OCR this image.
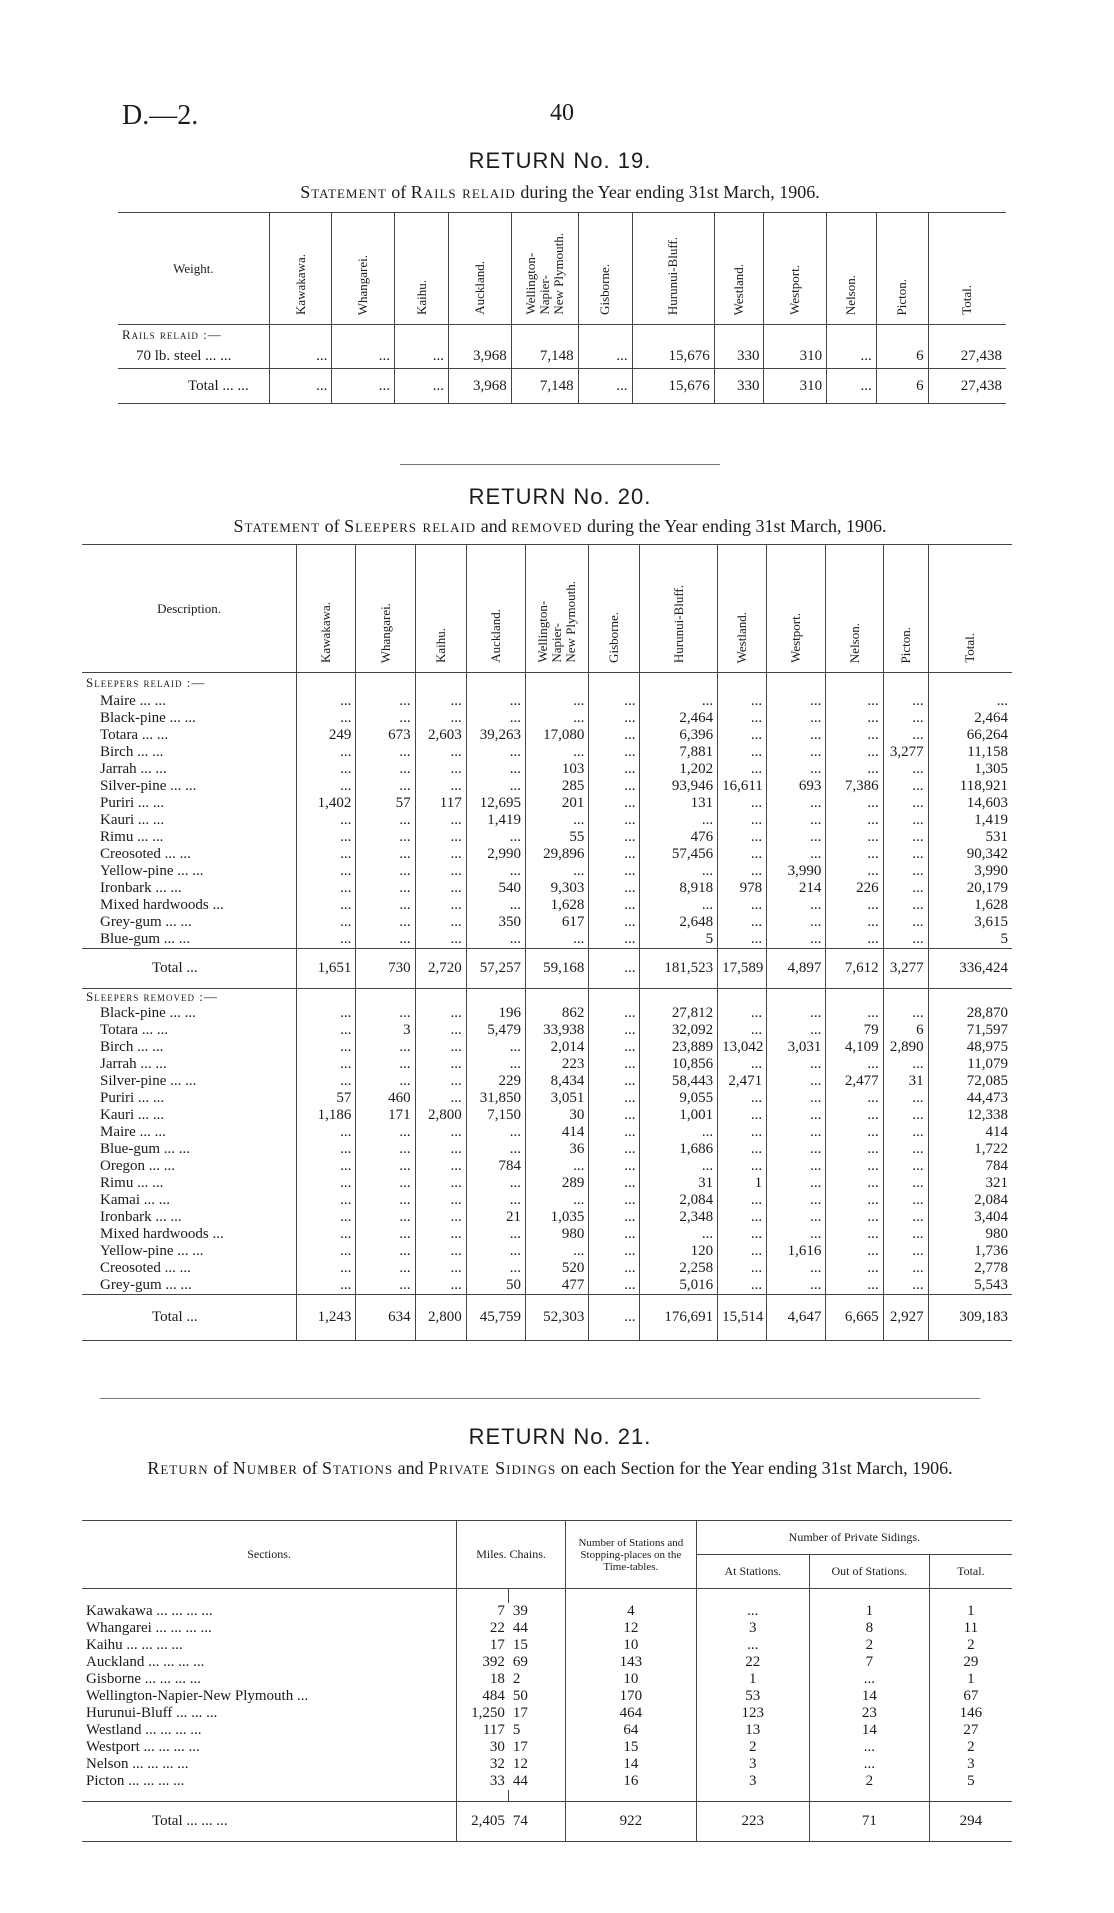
D.—2.	40
RETURN No. 19.
Statement of Rails relaid during the Year ending 31st March, 1906.
Weight.	Kawakawa.	Whangarei.	Kaihu.	Auckland.	Wellington-
Napier-
New Plymouth.	Gisborne.	Hurunui-Bluff.	Westland.	Westport.	Nelson.	Picton.	Total.
Rails relaid :—												
70 lb. steel ... ...	...	...	...	3,968	7,148	...	15,676	330	310	...	6	27,438
Total ... ...	...	...	...	3,968	7,148	...	15,676	330	310	...	6	27,438
RETURN No. 20.
Statement of Sleepers relaid and removed during the Year ending 31st March, 1906.
Description.	Kawakawa.	Whangarei.	Kaihu.	Auckland.	Wellington-
Napier-
New Plymouth.	Gisborne.	Hurunui-Bluff.	Westland.	Westport.	Nelson.	Picton.	Total.
Sleepers relaid :—												
Maire ... ...	...	...	...	...	...	...	...	...	...	...	...	...
Black-pine ... ...	...	...	...	...	...	...	2,464	...	...	...	...	2,464
Totara ... ...	249	673	2,603	39,263	17,080	...	6,396	...	...	...	...	66,264
Birch ... ...	...	...	...	...	...	...	7,881	...	...	...	3,277	11,158
Jarrah ... ...	...	...	...	...	103	...	1,202	...	...	...	...	1,305
Silver-pine ... ...	...	...	...	...	285	...	93,946	16,611	693	7,386	...	118,921
Puriri ... ...	1,402	57	117	12,695	201	...	131	...	...	...	...	14,603
Kauri ... ...	...	...	...	1,419	...	...	...	...	...	...	...	1,419
Rimu ... ...	...	...	...	...	55	...	476	...	...	...	...	531
Creosoted ... ...	...	...	...	2,990	29,896	...	57,456	...	...	...	...	90,342
Yellow-pine ... ...	...	...	...	...	...	...	...	...	3,990	...	...	3,990
Ironbark ... ...	...	...	...	540	9,303	...	8,918	978	214	226	...	20,179
Mixed hardwoods ...	...	...	...	...	1,628	...	...	...	...	...	...	1,628
Grey-gum ... ...	...	...	...	350	617	...	2,648	...	...	...	...	3,615
Blue-gum ... ...	...	...	...	...	...	...	5	...	...	...	...	5
Total ...	1,651	730	2,720	57,257	59,168	...	181,523	17,589	4,897	7,612	3,277	336,424
Sleepers removed :—												
Black-pine ... ...	...	...	...	196	862	...	27,812	...	...	...	...	28,870
Totara ... ...	...	3	...	5,479	33,938	...	32,092	...	...	79	6	71,597
Birch ... ...	...	...	...	...	2,014	...	23,889	13,042	3,031	4,109	2,890	48,975
Jarrah ... ...	...	...	...	...	223	...	10,856	...	...	...	...	11,079
Silver-pine ... ...	...	...	...	229	8,434	...	58,443	2,471	...	2,477	31	72,085
Puriri ... ...	57	460	...	31,850	3,051	...	9,055	...	...	...	...	44,473
Kauri ... ...	1,186	171	2,800	7,150	30	...	1,001	...	...	...	...	12,338
Maire ... ...	...	...	...	...	414	...	...	...	...	...	...	414
Blue-gum ... ...	...	...	...	...	36	...	1,686	...	...	...	...	1,722
Oregon ... ...	...	...	...	784	...	...	...	...	...	...	...	784
Rimu ... ...	...	...	...	...	289	...	31	1	...	...	...	321
Kamai ... ...	...	...	...	...	...	...	2,084	...	...	...	...	2,084
Ironbark ... ...	...	...	...	21	1,035	...	2,348	...	...	...	...	3,404
Mixed hardwoods ...	...	...	...	...	980	...	...	...	...	...	...	980
Yellow-pine ... ...	...	...	...	...	...	...	120	...	1,616	...	...	1,736
Creosoted ... ...	...	...	...	...	520	...	2,258	...	...	...	...	2,778
Grey-gum ... ...	...	...	...	50	477	...	5,016	...	...	...	...	5,543
Total ...	1,243	634	2,800	45,759	52,303	...	176,691	15,514	4,647	6,665	2,927	309,183
RETURN No. 21.
Return of Number of Stations and Private Sidings on each Section for the Year ending 31st March, 1906.
Sections.	Miles. Chains.		Number of Stations and Stopping-places on the Time-tables.	Number of Private Sidings.		
				At Stations.	Out of Stations.	Total.

Kawakawa ... ... ... ...	7	39	4	...	1	1
Whangarei ... ... ... ...	22	44	12	3	8	11
Kaihu ... ... ... ...	17	15	10	...	2	2
Auckland ... ... ... ...	392	69	143	22	7	29
Gisborne ... ... ... ...	18	2	10	1	...	1
Wellington-Napier-New Plymouth ...	484	50	170	53	14	67
Hurunui-Bluff ... ... ...	1,250	17	464	123	23	146
Westland ... ... ... ...	117	5	64	13	14	27
Westport ... ... ... ...	30	17	15	2	...	2
Nelson ... ... ... ...	32	12	14	3	...	3
Picton ... ... ... ...	33	44	16	3	2	5

Total ... ... ...	2,405	74	922	223	71	294
